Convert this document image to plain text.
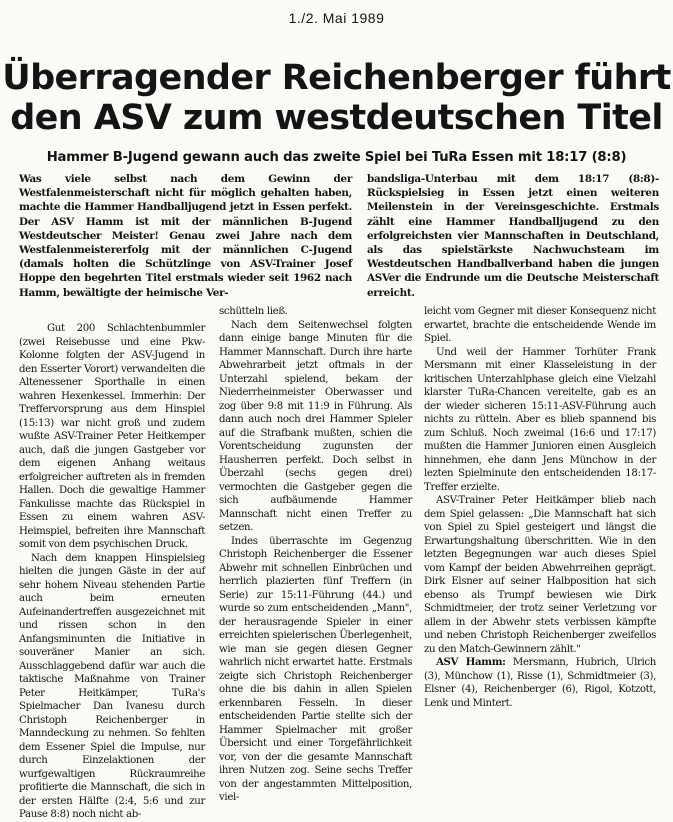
1./2. Mai 1989
Überragender Reichenberger führt
den ASV zum westdeutschen Titel
Hammer B-Jugend gewann auch das zweite Spiel bei TuRa Essen mit 18:17 (8:8)

Was viele selbst nach dem Gewinn der Westfalenmeisterschaft nicht für möglich gehalten haben, machte die Hammer Handballjugend jetzt in Essen perfekt. Der ASV Hamm ist mit der männlichen B-Jugend Westdeutscher Meister! Genau zwei Jahre nach dem Westfalenmeistererfolg mit der männlichen C-Jugend (damals holten die Schützlinge von ASV-Trainer Josef Hoppe den begehrten Titel erstmals wieder seit 1962 nach Hamm, bewältigte der heimische Ver-

bandsliga-Unterbau mit dem 18:17 (8:8)-Rückspielsieg in Essen jetzt einen weiteren Meilenstein in der Vereinsgeschichte. Erstmals zählt eine Hammer Handballjugend zu den erfolgreichsten vier Mannschaften in Deutschland, als das spielstärkste Nachwuchsteam im Westdeutschen Handballverband haben die jungen ASVer die Endrunde um die Deutsche Meisterschaft erreicht.

Gut 200 Schlachtenbummler (zwei Reisebusse und eine Pkw-Kolonne folgten der ASV-Jugend in den Esserter Vorort) verwandelten die Altenessener Sporthalle in einen wahren Hexenkessel. Immerhin: Der Treffervorsprung aus dem Hinspiel (15:13) war nicht groß und zudem wußte ASV-Trainer Peter Heitkemper auch, daß die jungen Gastgeber vor dem eigenen Anhang weitaus erfolgreicher auftreten als in fremden Hallen. Doch die gewaltige Hammer Fankulisse machte das Rückspiel in Essen zu einem wahren ASV-Heimspiel, befreiten ihre Mannschaft somit von dem psychischen Druck.

Nach dem knappen Hinspielsieg hielten die jungen Gäste in der auf sehr hohem Niveau stehenden Partie auch beim erneuten Aufeinandertreffen ausgezeichnet mit und rissen schon in den Anfangsminunten die Initiative in souveräner Manier an sich. Ausschlaggebend dafür war auch die taktische Maßnahme von Trainer Peter Heitkämper, TuRa's Spielmacher Dan Ivanesu durch Christoph Reichenberger in Manndeckung zu nehmen. So fehlten dem Essener Spiel die Impulse, nur durch Einzelaktionen der wurfgewaltigen Rückraumreihe profitierte die Mannschaft, die sich in der ersten Hälfte (2:4, 5:6 und zur Pause 8:8) noch nicht ab-

schütteln ließ.

Nach dem Seitenwechsel folgten dann einige bange Minuten für die Hammer Mannschaft. Durch ihre harte Abwehrarbeit jetzt oftmals in der Unterzahl spielend, bekam der Niederrheinmeister Oberwasser und zog über 9:8 mit 11:9 in Führung. Als dann auch noch drei Hammer Spieler auf die Strafbank mußten, schien die Vorentscheidung zugunsten der Hausherren perfekt. Doch selbst in Überzahl (sechs gegen drei) vermochten die Gastgeber gegen die sich aufbäumende Hammer Mannschaft nicht einen Treffer zu setzen.

Indes überraschte im Gegenzug Christoph Reichenberger die Essener Abwehr mit schnellen Einbrüchen und herrlich plazierten fünf Treffern (in Serie) zur 15:11-Führung (44.) und wurde so zum entscheidenden „Mann", der herausragende Spieler in einer erreichten spielerischen Überlegenheit, wie man sie gegen diesen Gegner wahrlich nicht erwartet hatte. Erstmals zeigte sich Christoph Reichenberger ohne die bis dahin in allen Spielen erkennbaren Fesseln. In dieser entscheidenden Partie stellte sich der Hammer Spielmacher mit großer Übersicht und einer Torgefährlichkeit vor, von der die gesamte Mannschaft ihren Nutzen zog. Seine sechs Treffer von der angestammten Mittelposition, viel-

leicht vom Gegner mit dieser Konsequenz nicht erwartet, brachte die entscheidende Wende im Spiel.

Und weil der Hammer Torhüter Frank Mersmann mit einer Klasseleistung in der kritischen Unterzahlphase gleich eine Vielzahl klarster TuRa-Chancen vereitelte, gab es an der wieder sicheren 15:11-ASV-Führung auch nichts zu rütteln. Aber es blieb spannend bis zum Schluß. Noch zweimal (16:6 und 17:17) mußten die Hammer Junioren einen Ausgleich hinnehmen, ehe dann Jens Münchow in der lezten Spielminute den entscheidenden 18:17-Treffer erzielte.

ASV-Trainer Peter Heitkämper blieb nach dem Spiel gelassen: „Die Mannschaft hat sich von Spiel zu Spiel gesteigert und längst die Erwartungshaltung überschritten. Wie in den letzten Begegnungen war auch dieses Spiel vom Kampf der beiden Abwehrreihen geprägt. Dirk Elsner auf seiner Halbposition hat sich ebenso als Trumpf bewiesen wie Dirk Schmidtmeier, der trotz seiner Verletzung vor allem in der Abwehr stets verbissen kämpfte und neben Christoph Reichenberger zweifellos zu den Match-Gewinnern zählt."

ASV Hamm: Mersmann, Hubrich, Ulrich (3), Münchow (1), Risse (1), Schmidtmeier (3), Elsner (4), Reichenberger (6), Rigol, Kotzott, Lenk und Mintert.
